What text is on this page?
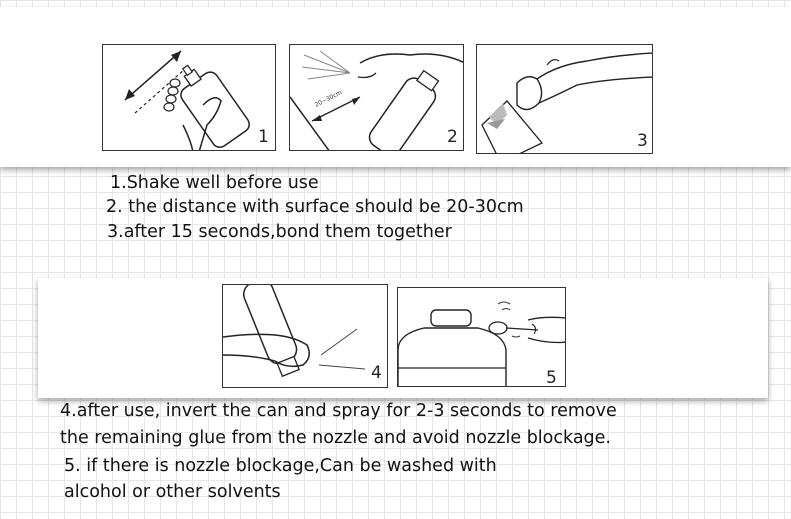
1
20~30cm
2	3
4	5
1.Shake well before use
2. the distance with surface should be 20-30cm
3.after 15 seconds,bond them together
4.after use, invert the can and spray for 2-3 seconds to remove
the remaining glue from the nozzle and avoid nozzle blockage.
5. if there is nozzle blockage,Can be washed with
alcohol or other solvents
